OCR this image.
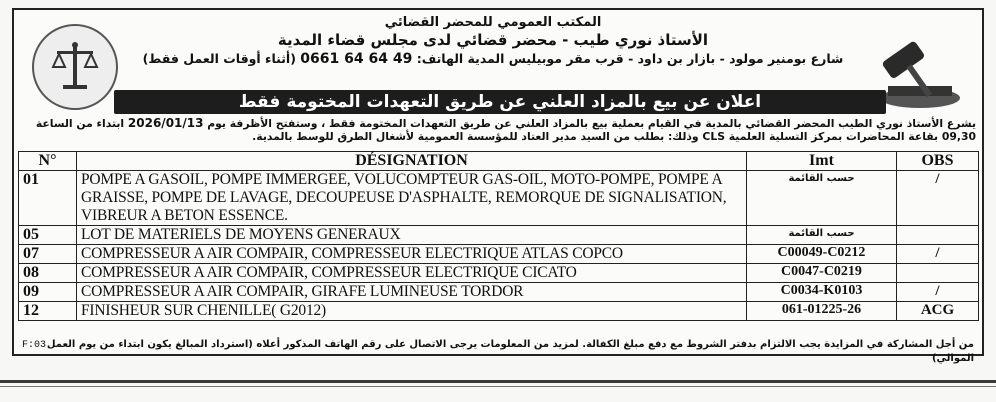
المكتب العمومي للمحضر القضائي
الأستاذ نوري طيب - محضر قضائي لدى مجلس قضاء المدية
شارع بومنير مولود - بازار بن داود - قرب مقر موبيليس المدية الهاتف: 0661 64 64 49 (أثناء أوقات العمل فقط)
اعلان عن بيع بالمزاد العلني عن طريق التعهدات المختومة فقط
يشرع الأستاذ نوري الطيب المحضر القضائي بالمدية في القيام بعملية بيع بالمزاد العلني عن طريق التعهدات المختومة فقط ، وستفتح الأظرفة يوم 2026/01/13 ابتداء من الساعة 09,30 بقاعة المحاضرات بمركز التسلية العلمية CLS وذلك: بطلب من السيد مدير العتاد للمؤسسة العمومية لأشغال الطرق للوسط بالمدية.
N°	DÉSIGNATION	Imt	OBS
01	POMPE A GASOIL, POMPE IMMERGEE, VOLUCOMPTEUR GAS-OIL, MOTO-POMPE, POMPE A GRAISSE, POMPE DE LAVAGE, DECOUPEUSE D'ASPHALTE, REMORQUE DE SIGNALISATION, VIBREUR A BETON ESSENCE.	حسب القائمة	/
05	LOT DE MATERIELS DE MOYENS GENERAUX	حسب القائمة	
07	COMPRESSEUR A AIR COMPAIR, COMPRESSEUR ELECTRIQUE ATLAS COPCO	C00049-C0212	/
08	COMPRESSEUR A AIR COMPAIR, COMPRESSEUR ELECTRIQUE CICATO	C0047-C0219	
09	COMPRESSEUR A AIR COMPAIR, GIRAFE LUMINEUSE TORDOR	C0034-K0103	/
12	FINISHEUR SUR CHENILLE( G2012)	061-01225-26	ACG
من أجل المشاركة في المزايدة يجب الالتزام بدفتر الشروط مع دفع مبلغ الكفالة. لمزيد من المعلومات يرجى الاتصال على رقم الهاتف المذكور أعلاه (استرداد المبالغ يكون ابتداء من يوم العمل الموالي)
F:03
